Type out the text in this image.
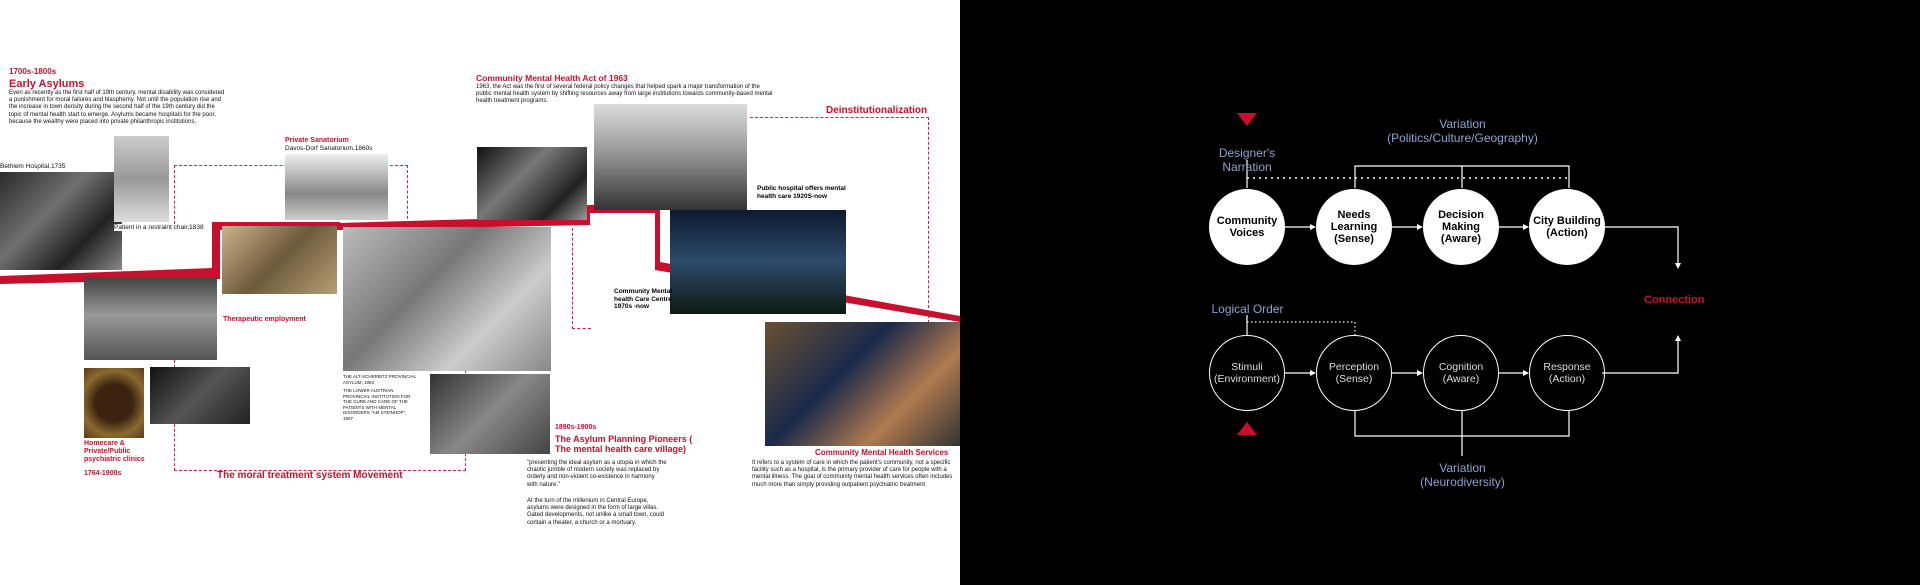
1700s-1800s
Early Asylums
Even as recently as the first half of 19th century, mental disability was considered a punishment for moral failures and blasphemy. Not until the population rise and the increase in town density during the second half of the 19th century did the topic of mental health start to emerge. Asylums became hospitals for the poor, because the wealthy were placed into private philanthropic institutions.
Bethlem Hospital,1735
Patient in a restraint chair,1838
Private Sanatorium
Davos-Dorf Sanatorium,1860s
Therapeutic employment
Homecare & Private/Public psychiatric clinics
1764-1900s	The moral treatment system Movement
THE ALT-SCHERBITZ PROVINCIAL ASYLUM, 1893
THE LOWER AUSTRIAN PROVINCIAL INSTITUTION FOR THE CURE AND CARE OF THE PATIENTS WITH MENTAL DISORDERS "AM STEINHOF", 1907
1890s-1900s
The Asylum Planning Pioneers ( The mental health care village)
"presenting the ideal asylum as a utopia in which the chaotic jumble of modern society was replaced by orderly and non-violent co-existence in harmony with nature."
At the turn of the millenium in Central Europe, asylums were designed in the form of large villas. Gated developments, not unlike a small town, could contain a theater, a church or a mortuary.
Community Mental Health Act of 1963
1963, the Act was the first of several federal policy changes that helped spark a major transformation of the public mental health system by shifting resources away from large institutions towards community-based mental health treatment programs.
Deinstitutionalization
Public hospital offers mental health care 1920S-now
Community Mental health Care Centre 1970s -now
Community Mental Health Services
It refers to a system of care in which the patient's community, not a specific facility such as a hospital, is the primary provider of care for people with a mental illness. The goal of community mental health services often includes much more than simply providing outpatient psychiatric treatment
Designer's Narration
Variation (Politics/Culture/Geography)
Logical Order
Variation (Neurodiversity)
Connection
Community Voices
Needs Learning (Sense)
Decision Making (Aware)
City Building (Action)
Stimuli (Environment)
Perception (Sense)
Cognition (Aware)
Response (Action)
